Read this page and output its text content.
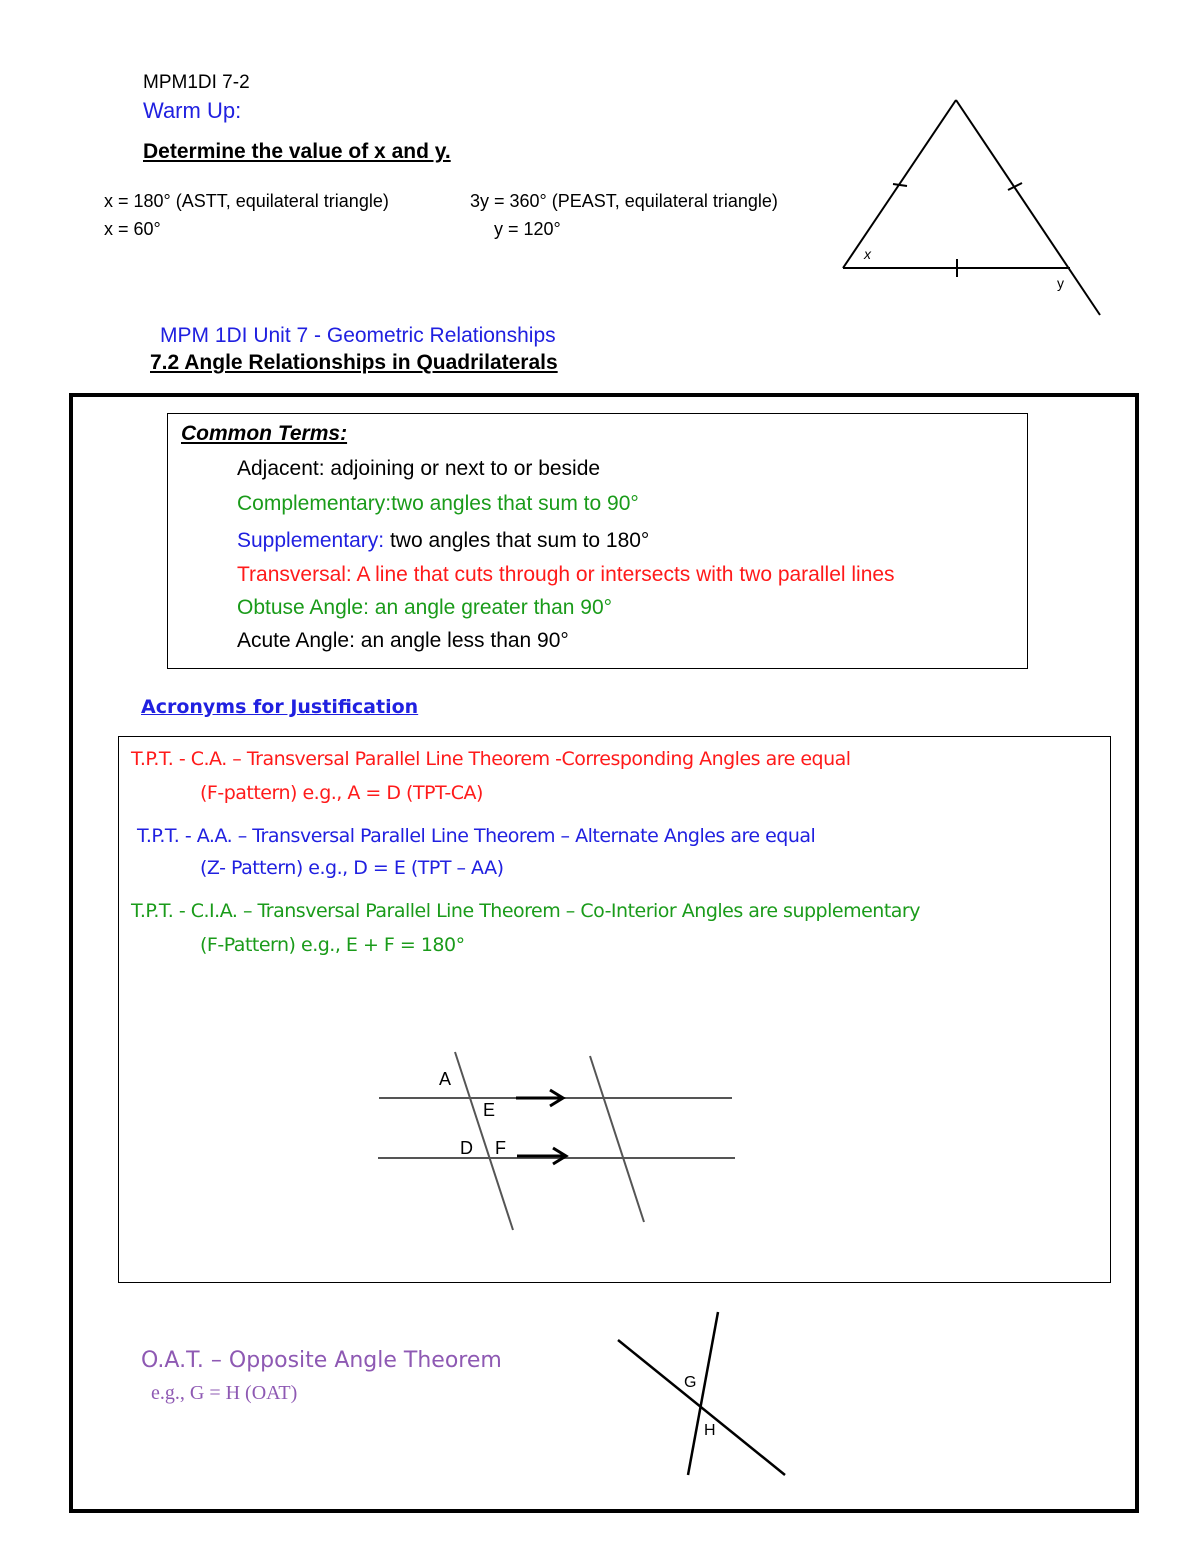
MPM1DI 7-2
Warm Up:
Determine the value of x and y.
x = 180° (ASTT, equilateral triangle)	3y = 360° (PEAST, equilateral triangle)
x = 60°	y = 120°
x
y
MPM 1DI Unit 7 - Geometric Relationships
7.2 Angle Relationships in Quadrilaterals
Common Terms:
Adjacent: adjoining or next to or beside
Complementary:two angles that sum to 90°
Supplementary: two angles that sum to 180°
Transversal: A line that cuts through or intersects with two parallel lines
Obtuse Angle: an angle greater than 90°
Acute Angle: an angle less than 90°
Acronyms for Justification
T.P.T. - C.A. – Transversal Parallel Line Theorem -Corresponding Angles are equal
(F-pattern) e.g., A = D (TPT-CA)
T.P.T. - A.A. – Transversal Parallel Line Theorem – Alternate Angles are equal
(Z- Pattern) e.g., D = E (TPT – AA)
T.P.T. - C.I.A. – Transversal Parallel Line Theorem – Co-Interior Angles are supplementary
(F-Pattern) e.g., E + F = 180°
A
E
D F
O.A.T. – Opposite Angle Theorem
e.g., G = H (OAT)	G
H
